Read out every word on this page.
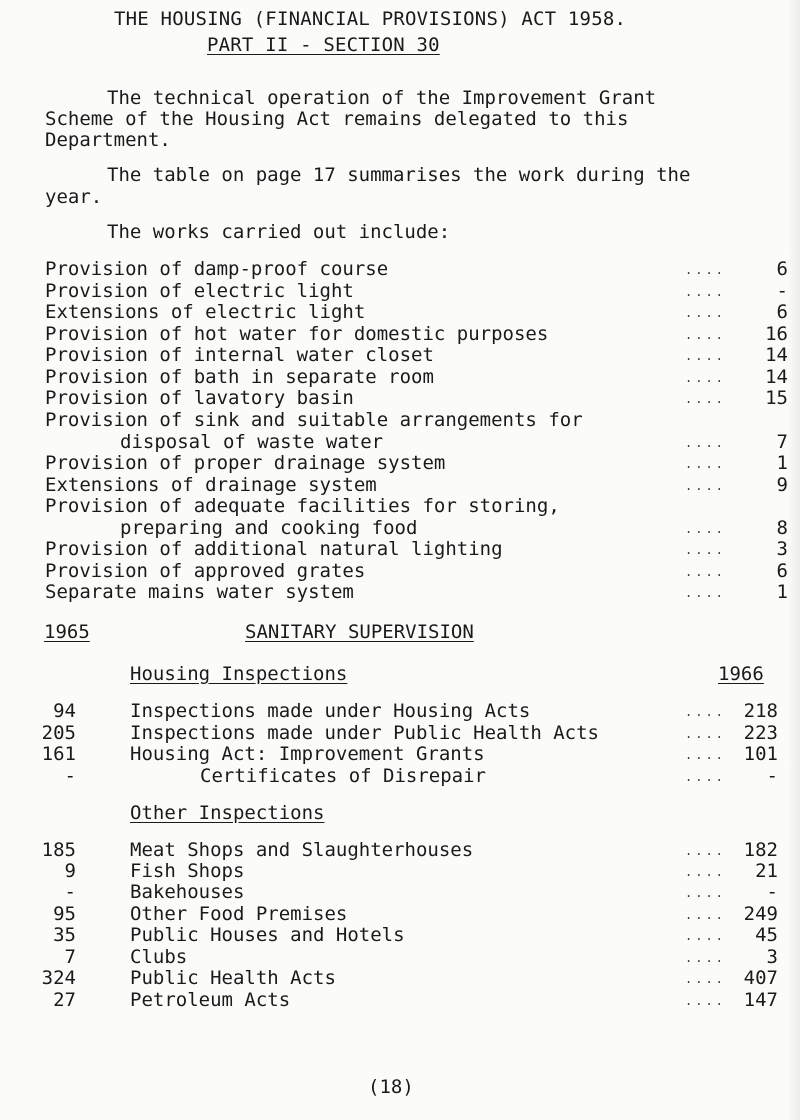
THE HOUSING (FINANCIAL PROVISIONS) ACT 1958.
PART II - SECTION 30
The technical operation of the Improvement Grant
Scheme of the Housing Act remains delegated to this
Department.
The table on page 17 summarises the work during the
year.
The works carried out include:
Provision of damp-proof course	....	6
Provision of electric light	....	-
Extensions of electric light	....	6
Provision of hot water for domestic purposes	....	16
Provision of internal water closet	....	14
Provision of bath in separate room	....	14
Provision of lavatory basin	....	15
Provision of sink and suitable arrangements for
disposal of waste water	....	7
Provision of proper drainage system	....	1
Extensions of drainage system	....	9
Provision of adequate facilities for storing,
preparing and cooking food	....	8
Provision of additional natural lighting	....	3
Provision of approved grates	....	6
Separate mains water system	....	1
1965	SANITARY SUPERVISION
Housing Inspections	1966
94	Inspections made under Housing Acts	.... 218
205	Inspections made under Public Health Acts	.... 223
161	Housing Act: Improvement Grants	.... 101
-	Certificates of Disrepair	....	-
Other Inspections
185	Meat Shops and Slaughterhouses	.... 182
9	Fish Shops	....	21
-	Bakehouses	....	-
95	Other Food Premises	.... 249
35	Public Houses and Hotels	....	45
7	Clubs	....	3
324	Public Health Acts	.... 407
27	Petroleum Acts	.... 147
(18)
